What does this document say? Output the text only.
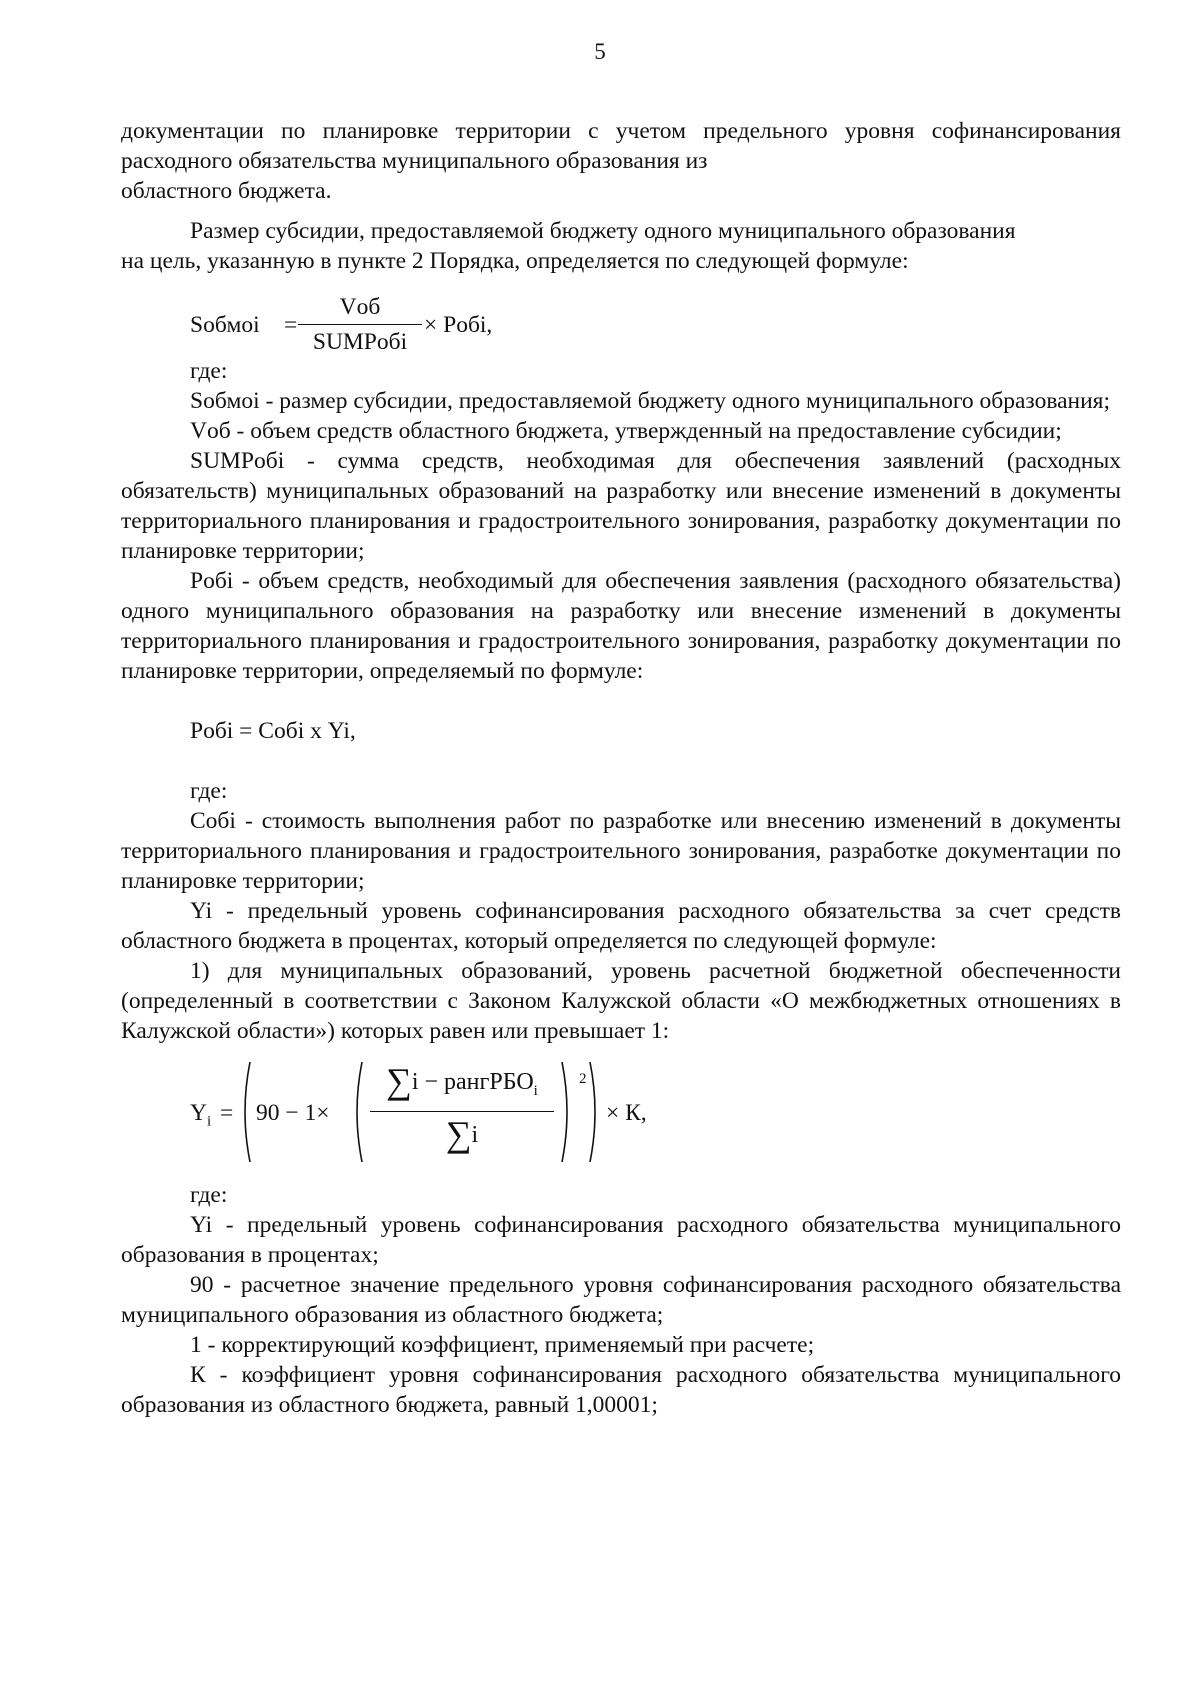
5

документации по планировке территории с учетом предельного уровня софинансирования расходного обязательства муниципального образования из

областного бюджета.

Размер субсидии, предоставляемой бюджету одного муниципального образования

на цель, указанную в пункте 2 Порядка, определяется по следующей формуле:

Sобмоi =
Vоб
SUMPобi
× Pобi,

где:

Sобмоi - размер субсидии, предоставляемой бюджету одного муниципального образования;

Vоб - объем средств областного бюджета, утвержденный на предоставление субсидии;

SUMPобi - сумма средств, необходимая для обеспечения заявлений (расходных обязательств) муниципальных образований на разработку или внесение изменений в документы территориального планирования и градостроительного зонирования, разработку документации по планировке территории;

Pобi - объем средств, необходимый для обеспечения заявления (расходного обязательства) одного муниципального образования на разработку или внесение изменений в документы территориального планирования и градостроительного зонирования, разработку документации по планировке территории, определяемый по формуле:

Pобi = Cобi х Yi,

где:

Cобi - стоимость выполнения работ по разработке или внесению изменений в документы территориального планирования и градостроительного зонирования, разработке документации по планировке территории;

Yi - предельный уровень софинансирования расходного обязательства за счет средств областного бюджета в процентах, который определяется по следующей формуле:

1) для муниципальных образований, уровень расчетной бюджетной обеспеченности (определенный в соответствии с Законом Калужской области «О межбюджетных отношениях в Калужской области») которых равен или превышает 1:

$Y_i = 90 - 1\times$
∑i − рангРБО$_i$
∑i
2
× К,

где:

Yi - предельный уровень софинансирования расходного обязательства муниципального образования в процентах;

90 - расчетное значение предельного уровня софинансирования расходного обязательства муниципального образования из областного бюджета;

1 - корректирующий коэффициент, применяемый при расчете;

К - коэффициент уровня софинансирования расходного обязательства муниципального образования из областного бюджета, равный 1,00001;
